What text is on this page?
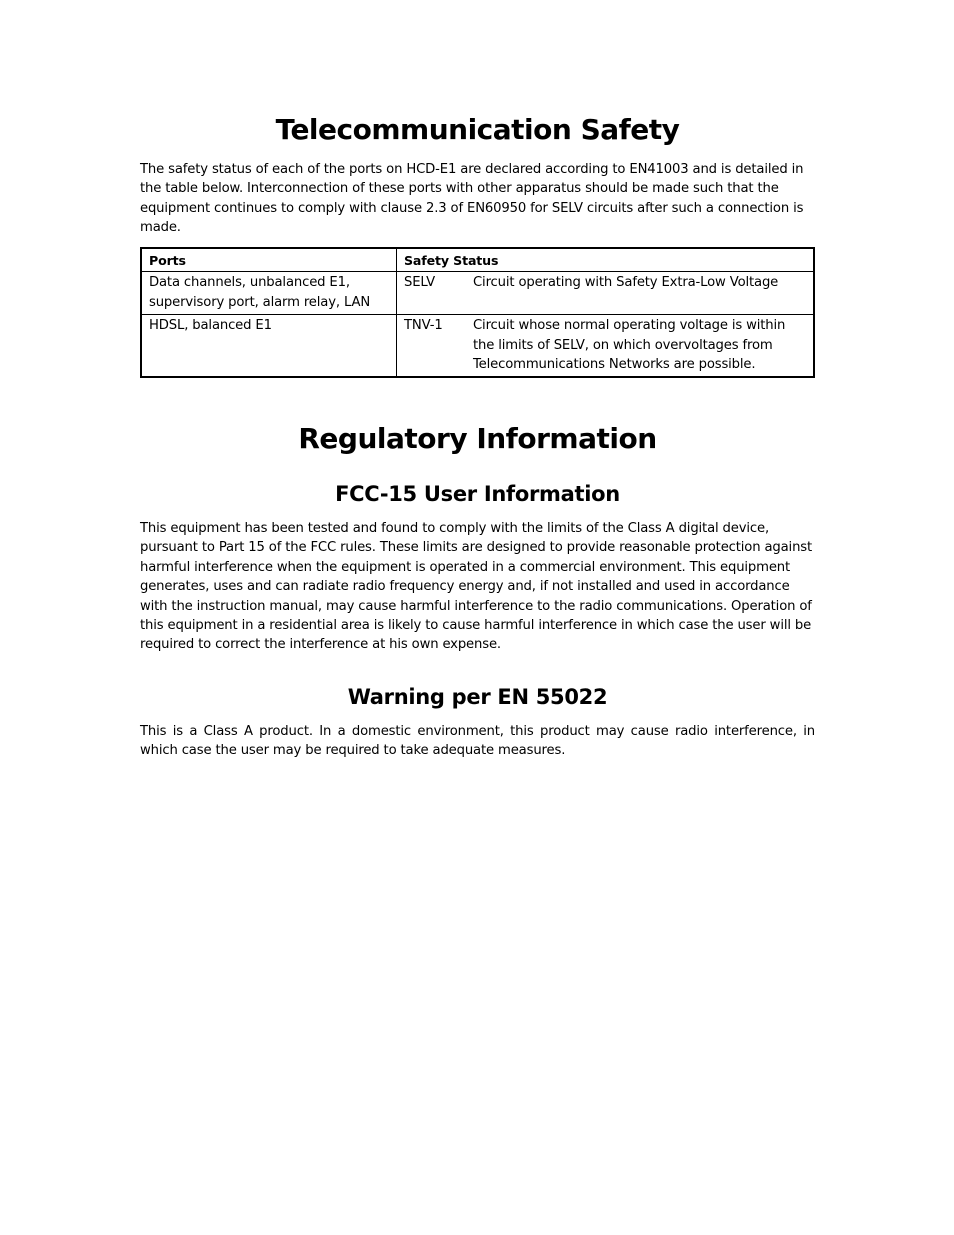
Telecommunication Safety

The safety status of each of the ports on HCD-E1 are declared according to EN41003 and is detailed in the table below. Interconnection of these ports with other apparatus should be made such that the equipment continues to comply with clause 2.3 of EN60950 for SELV circuits after such a connection is made.

Ports	Safety Status
Data channels, unbalanced E1, supervisory port, alarm relay, LAN	SELV Circuit operating with Safety Extra-Low Voltage
HDSL, balanced E1	TNV-1 Circuit whose normal operating voltage is within the limits of SELV, on which overvoltages from Telecommunications Networks are possible.
Regulatory Information
FCC-15 User Information

This equipment has been tested and found to comply with the limits of the Class A digital device, pursuant to Part 15 of the FCC rules. These limits are designed to provide reasonable protection against harmful interference when the equipment is operated in a commercial environment. This equipment generates, uses and can radiate radio frequency energy and, if not installed and used in accordance with the instruction manual, may cause harmful interference to the radio communications. Operation of this equipment in a residential area is likely to cause harmful interference in which case the user will be required to correct the interference at his own expense.

Warning per EN 55022

This is a Class A product. In a domestic environment, this product may cause radio interference, in which case the user may be required to take adequate measures.
